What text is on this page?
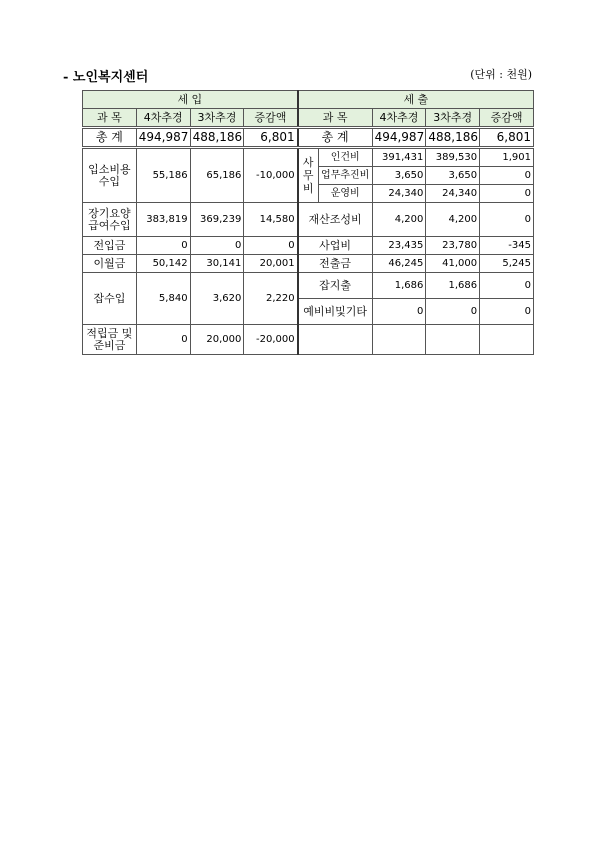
- 노인복지센터	(단위 : 천원)
세 입				세 출				
과 목	4차추경	3차추경	증감액	과 목		4차추경	3차추경	증감액
총 계	494,987	488,186	6,801	총 계		494,987	488,186	6,801
입소비용 수입	55,186	65,186	-10,000	사 무 비	인건비	391,431	389,530	1,901
					업무추진비	3,650	3,650	0
					운영비	24,340	24,340	0
장기요양 급여수입	383,819	369,239	14,580	재산조성비		4,200	4,200	0
전입금	0	0	0	사업비		23,435	23,780	-345
이월금	50,142	30,141	20,001	전출금		46,245	41,000	5,245
잡수입	5,840	3,620	2,220	잡지출		1,686	1,686	0
				예비비및기타		0	0	0
적립금 및 준비금	0	20,000	-20,000					
